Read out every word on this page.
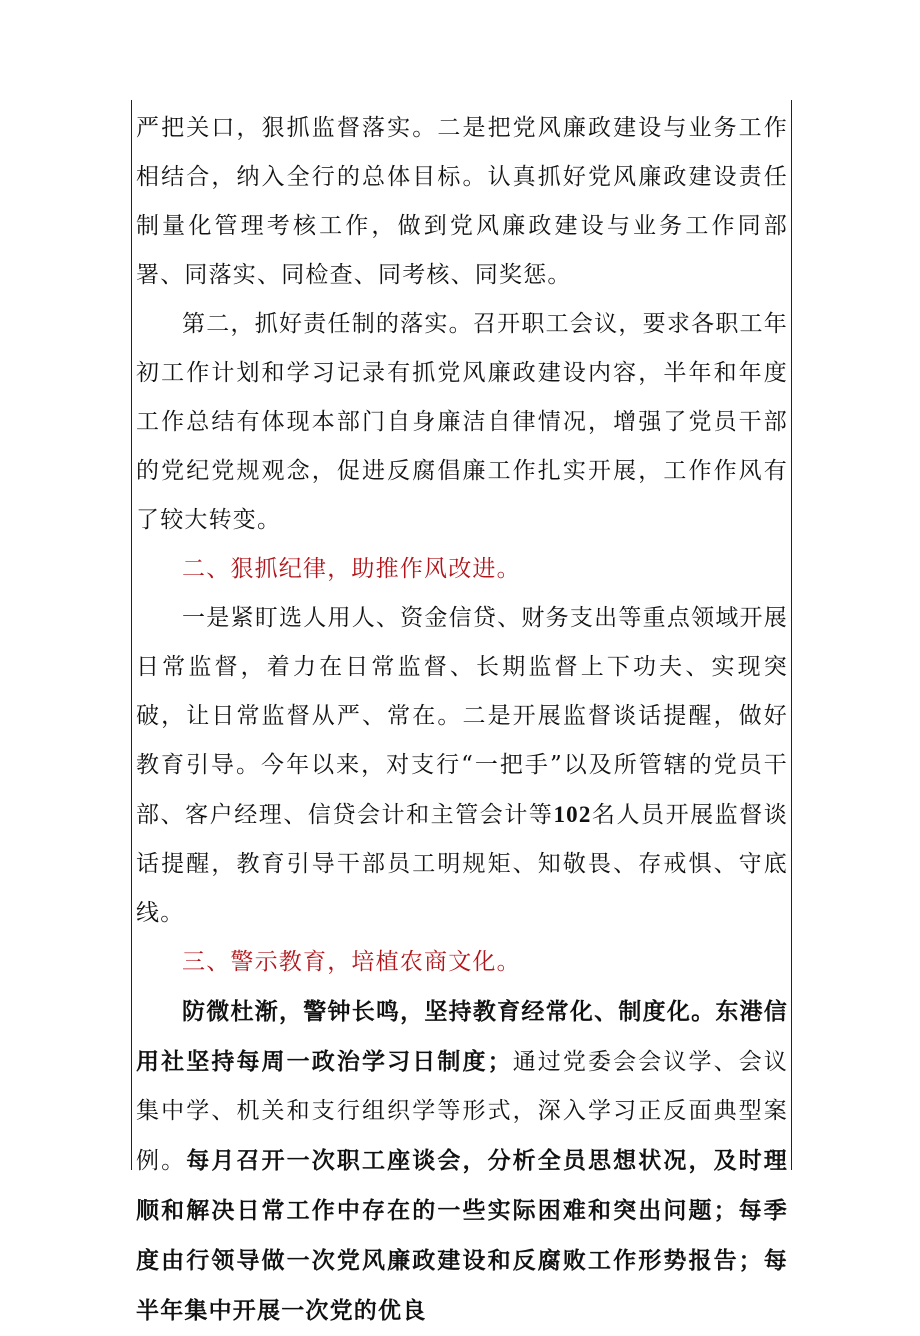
严把关口，狠抓监督落实。二是把党风廉政建设与业务工作相结合，纳入全行的总体目标。认真抓好党风廉政建设责任制量化管理考核工作，做到党风廉政建设与业务工作同部署、同落实、同检查、同考核、同奖惩。

第二，抓好责任制的落实。召开职工会议，要求各职工年初工作计划和学习记录有抓党风廉政建设内容，半年和年度工作总结有体现本部门自身廉洁自律情况，增强了党员干部的党纪党规观念，促进反腐倡廉工作扎实开展，工作作风有了较大转变。

二、狠抓纪律，助推作风改进。

一是紧盯选人用人、资金信贷、财务支出等重点领域开展日常监督，着力在日常监督、长期监督上下功夫、实现突破，让日常监督从严、常在。二是开展监督谈话提醒，做好教育引导。今年以来，对支行“一把手”以及所管辖的党员干部、客户经理、信贷会计和主管会计等102名人员开展监督谈话提醒，教育引导干部员工明规矩、知敬畏、存戒惧、守底线。

三、警示教育，培植农商文化。

防微杜渐，警钟长鸣，坚持教育经常化、制度化。东港信用社坚持每周一政治学习日制度；通过党委会会议学、会议集中学、机关和支行组织学等形式，深入学习正反面典型案例。每月召开一次职工座谈会，分析全员思想状况，及时理顺和解决日常工作中存在的一些实际困难和突出问题；每季度由行领导做一次党风廉政建设和反腐败工作形势报告；每半年集中开展一次党的优良
